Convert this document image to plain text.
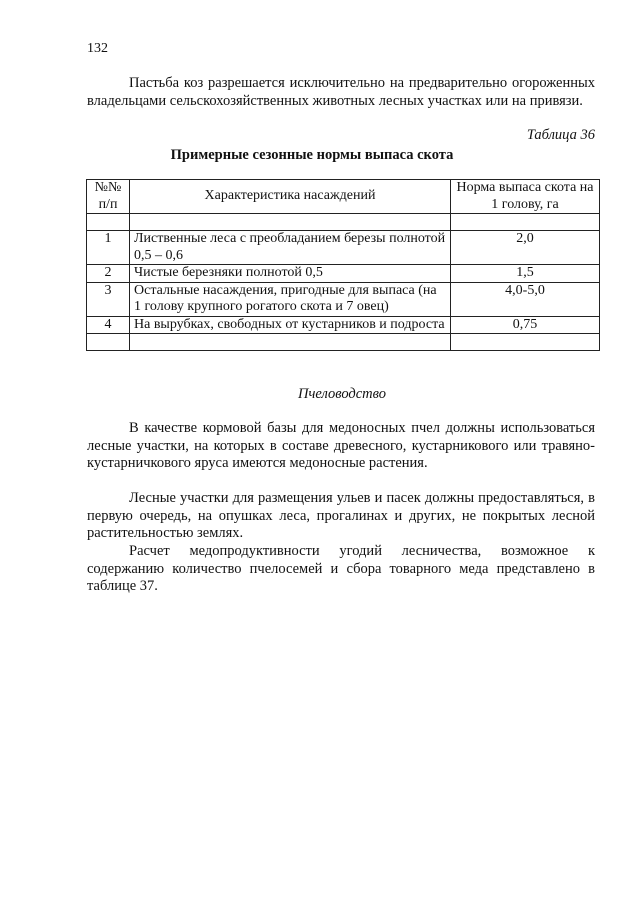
132

Пастьба коз разрешается исключительно на предварительно огороженных владельцами сельскохозяйственных животных лесных участках или на привязи.

Таблица 36
Примерные сезонные нормы выпаса скота
№№ п/п	Характеристика насаждений	Норма выпаса скота на 1 голову, га

1	Лиственные леса с преобладанием березы полнотой 0,5 – 0,6	2,0
2	Чистые березняки полнотой 0,5	1,5
3	Остальные насаждения, пригодные для выпаса (на 1 голову крупного рогатого скота и 7 овец)	4,0-5,0
4	На вырубках, свободных от кустарников и подроста	0,75

Пчеловодство

В качестве кормовой базы для медоносных пчел должны использоваться лесные участки, на которых в составе древесного, кустарникового или травяно-кустарничкового яруса имеются медоносные растения.

Лесные участки для размещения ульев и пасек должны предоставляться, в первую очередь, на опушках леса, прогалинах и других, не покрытых лесной растительностью землях.

Расчет медопродуктивности угодий лесничества, возможное к содержанию количество пчелосемей и сбора товарного меда представлено в таблице 37.
